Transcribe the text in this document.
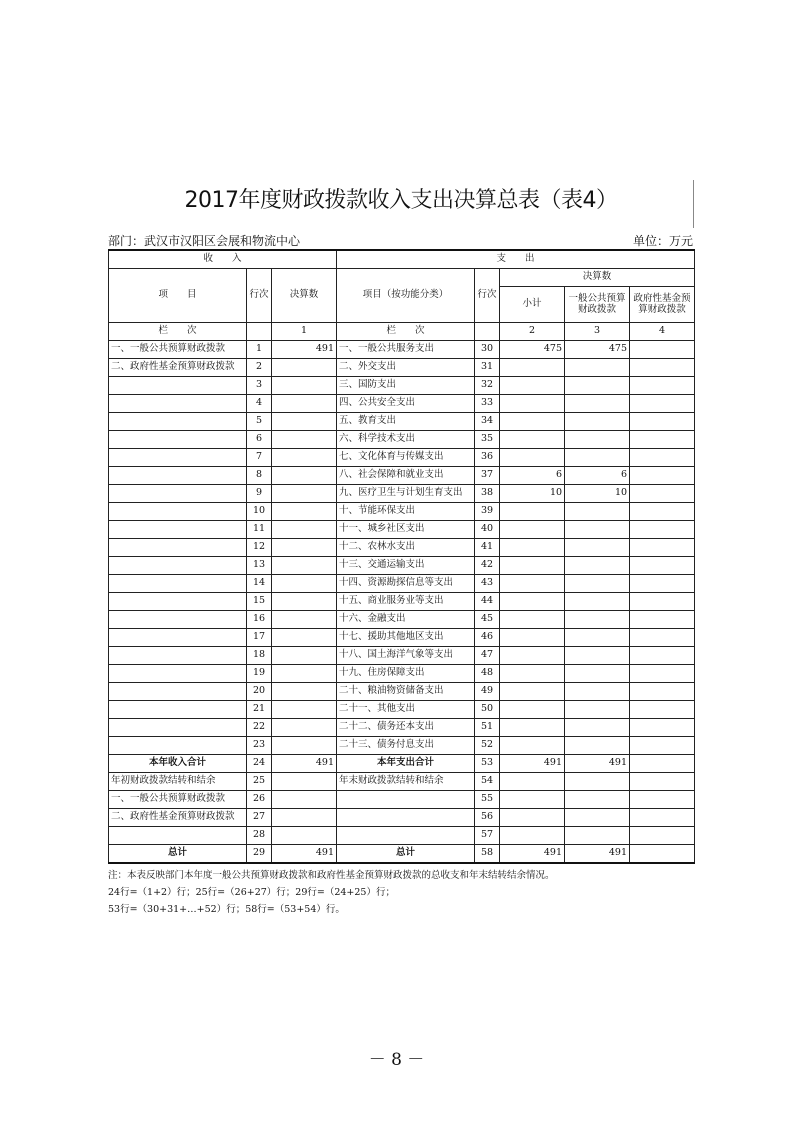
2017年度财政拨款收入支出决算总表（表4）
部门：武汉市汉阳区会展和物流中心	单位：万元
收　　入			支　　出				
项　　目	行次	决算数	项目（按功能分类）	行次	决算数		
					小计	一般公共预算财政拨款	政府性基金预算财政拨款
栏　　次		1	栏　　次		2	3	4
一、一般公共预算财政拨款	1	491	一、一般公共服务支出	30	475	475	
二、政府性基金预算财政拨款	2		二、外交支出	31			
	3		三、国防支出	32			
	4		四、公共安全支出	33			
	5		五、教育支出	34			
	6		六、科学技术支出	35			
	7		七、文化体育与传媒支出	36			
	8		八、社会保障和就业支出	37	6	6	
	9		九、医疗卫生与计划生育支出	38	10	10	
	10		十、节能环保支出	39			
	11		十一、城乡社区支出	40			
	12		十二、农林水支出	41			
	13		十三、交通运输支出	42			
	14		十四、资源勘探信息等支出	43			
	15		十五、商业服务业等支出	44			
	16		十六、金融支出	45			
	17		十七、援助其他地区支出	46			
	18		十八、国土海洋气象等支出	47			
	19		十九、住房保障支出	48			
	20		二十、粮油物资储备支出	49			
	21		二十一、其他支出	50			
	22		二十二、债务还本支出	51			
	23		二十三、债务付息支出	52			
本年收入合计	24	491	本年支出合计	53	491	491	
年初财政拨款结转和结余	25		年末财政拨款结转和结余	54			
一、一般公共预算财政拨款	26			55			
二、政府性基金预算财政拨款	27			56			
	28			57			
总计	29	491	总计	58	491	491	
注：本表反映部门本年度一般公共预算财政拨款和政府性基金预算财政拨款的总收支和年末结转结余情况。
24行=（1+2）行；25行=（26+27）行；29行=（24+25）行；
53行=（30+31+…+52）行；58行=（53+54）行。
－ 8 －
